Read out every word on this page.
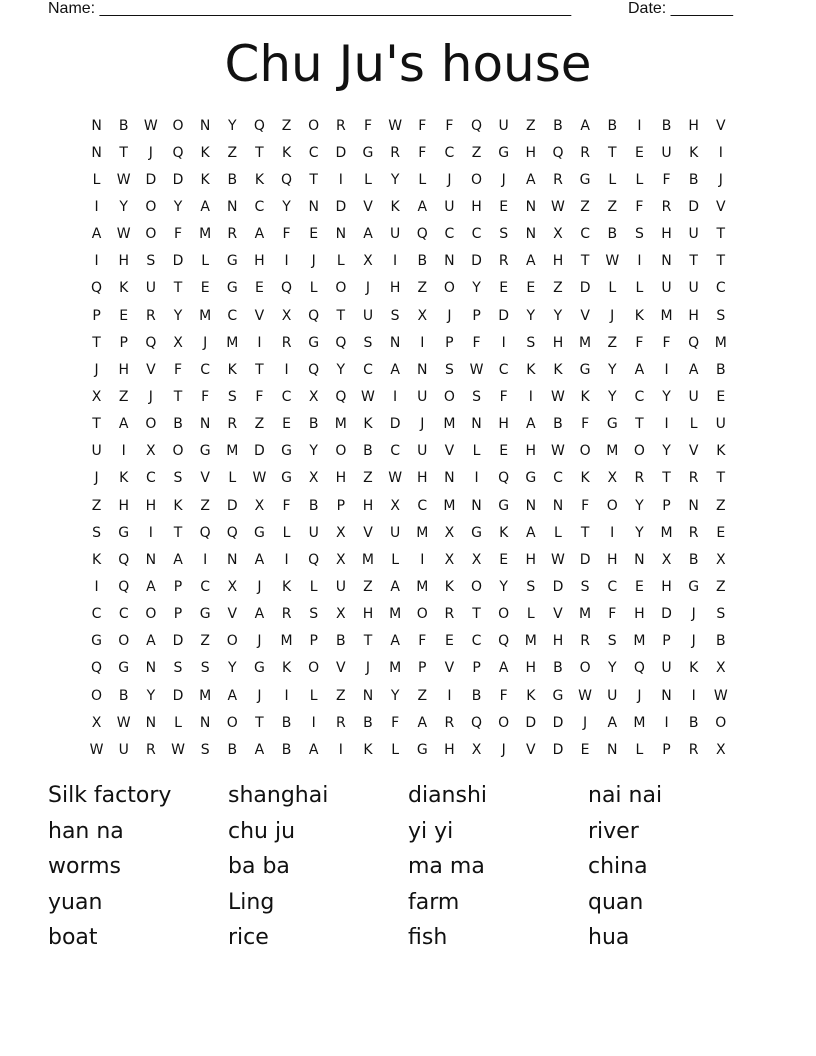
Name: _____________________________________________________	Date: _______
Chu Ju's house
N	B	W	O	N	Y	Q	Z	O	R	F	W	F	F	Q	U	Z	B	A	B	I	B	H	V
N	T	J	Q	K	Z	T	K	C	D	G	R	F	C	Z	G	H	Q	R	T	E	U	K	I
L	W	D	D	K	B	K	Q	T	I	L	Y	L	J	O	J	A	R	G	L	L	F	B	J
I	Y	O	Y	A	N	C	Y	N	D	V	K	A	U	H	E	N	W	Z	Z	F	R	D	V
A	W	O	F	M	R	A	F	E	N	A	U	Q	C	C	S	N	X	C	B	S	H	U	T
I	H	S	D	L	G	H	I	J	L	X	I	B	N	D	R	A	H	T	W	I	N	T	T
Q	K	U	T	E	G	E	Q	L	O	J	H	Z	O	Y	E	E	Z	D	L	L	U	U	C
P	E	R	Y	M	C	V	X	Q	T	U	S	X	J	P	D	Y	Y	V	J	K	M	H	S
T	P	Q	X	J	M	I	R	G	Q	S	N	I	P	F	I	S	H	M	Z	F	F	Q	M
J	H	V	F	C	K	T	I	Q	Y	C	A	N	S	W	C	K	K	G	Y	A	I	A	B
X	Z	J	T	F	S	F	C	X	Q	W	I	U	O	S	F	I	W	K	Y	C	Y	U	E
T	A	O	B	N	R	Z	E	B	M	K	D	J	M	N	H	A	B	F	G	T	I	L	U
U	I	X	O	G	M	D	G	Y	O	B	C	U	V	L	E	H	W	O	M	O	Y	V	K
J	K	C	S	V	L	W	G	X	H	Z	W	H	N	I	Q	G	C	K	X	R	T	R	T
Z	H	H	K	Z	D	X	F	B	P	H	X	C	M	N	G	N	N	F	O	Y	P	N	Z
S	G	I	T	Q	Q	G	L	U	X	V	U	M	X	G	K	A	L	T	I	Y	M	R	E
K	Q	N	A	I	N	A	I	Q	X	M	L	I	X	X	E	H	W	D	H	N	X	B	X
I	Q	A	P	C	X	J	K	L	U	Z	A	M	K	O	Y	S	D	S	C	E	H	G	Z
C	C	O	P	G	V	A	R	S	X	H	M	O	R	T	O	L	V	M	F	H	D	J	S
G	O	A	D	Z	O	J	M	P	B	T	A	F	E	C	Q	M	H	R	S	M	P	J	B
Q	G	N	S	S	Y	G	K	O	V	J	M	P	V	P	A	H	B	O	Y	Q	U	K	X
O	B	Y	D	M	A	J	I	L	Z	N	Y	Z	I	B	F	K	G	W	U	J	N	I	W
X	W	N	L	N	O	T	B	I	R	B	F	A	R	Q	O	D	D	J	A	M	I	B	O
W	U	R	W	S	B	A	B	A	I	K	L	G	H	X	J	V	D	E	N	L	P	R	X
Silk factory	shanghai	dianshi	nai nai
han na	chu ju	yi yi	river
worms	ba ba	ma ma	china
yuan	Ling	farm	quan
boat	rice	fish	hua
